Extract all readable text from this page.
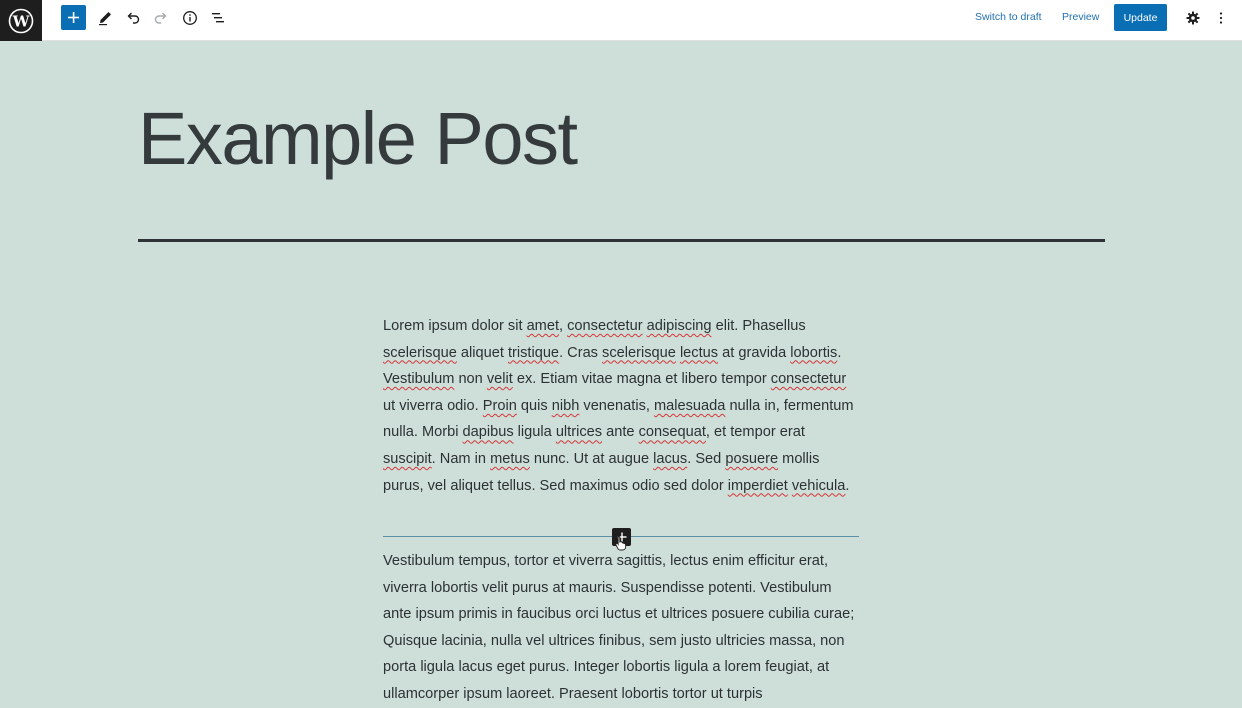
W	Switch to draft Preview	Update
Example Post

Lorem ipsum dolor sit amet, consectetur adipiscing elit. Phasellus scelerisque aliquet tristique. Cras scelerisque lectus at gravida lobortis. Vestibulum non velit ex. Etiam vitae magna et libero tempor consectetur ut viverra odio. Proin quis nibh venenatis, malesuada nulla in, fermentum nulla. Morbi dapibus ligula ultrices ante consequat, et tempor erat suscipit. Nam in metus nunc. Ut at augue lacus. Sed posuere mollis purus, vel aliquet tellus. Sed maximus odio sed dolor imperdiet vehicula.

Vestibulum tempus, tortor et viverra sagittis, lectus enim efficitur erat, viverra lobortis velit purus at mauris. Suspendisse potenti. Vestibulum ante ipsum primis in faucibus orci luctus et ultrices posuere cubilia curae; Quisque lacinia, nulla vel ultrices finibus, sem justo ultricies massa, non porta ligula lacus eget purus. Integer lobortis ligula a lorem feugiat, at ullamcorper ipsum laoreet. Praesent lobortis tortor ut turpis
